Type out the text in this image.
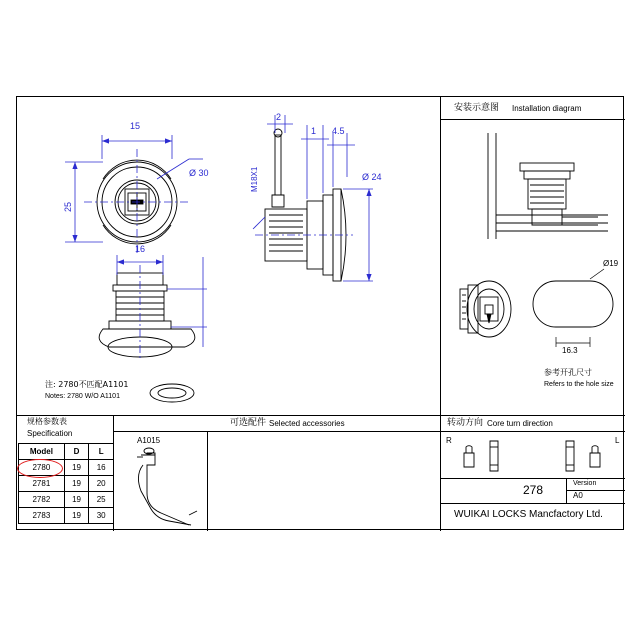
15
25
Ø 30
2
1 4.5
Ø 24
M18X1
16
注: 2780不匹配A1101
Notes: 2780 W/O A1101
安装示意图 Installation diagram
Ø19
16.3
参考开孔尺寸
Refers to the hole size
规格参数表
Specification
Model	D	L
2780	19	16
2781	19	20
2782	19	25
2783	19	30
可选配件 Selected accessories
A1015
转动方向 Core turn direction
R	L
278	Version
A0
WUIKAI LOCKS Mancfactory Ltd.
